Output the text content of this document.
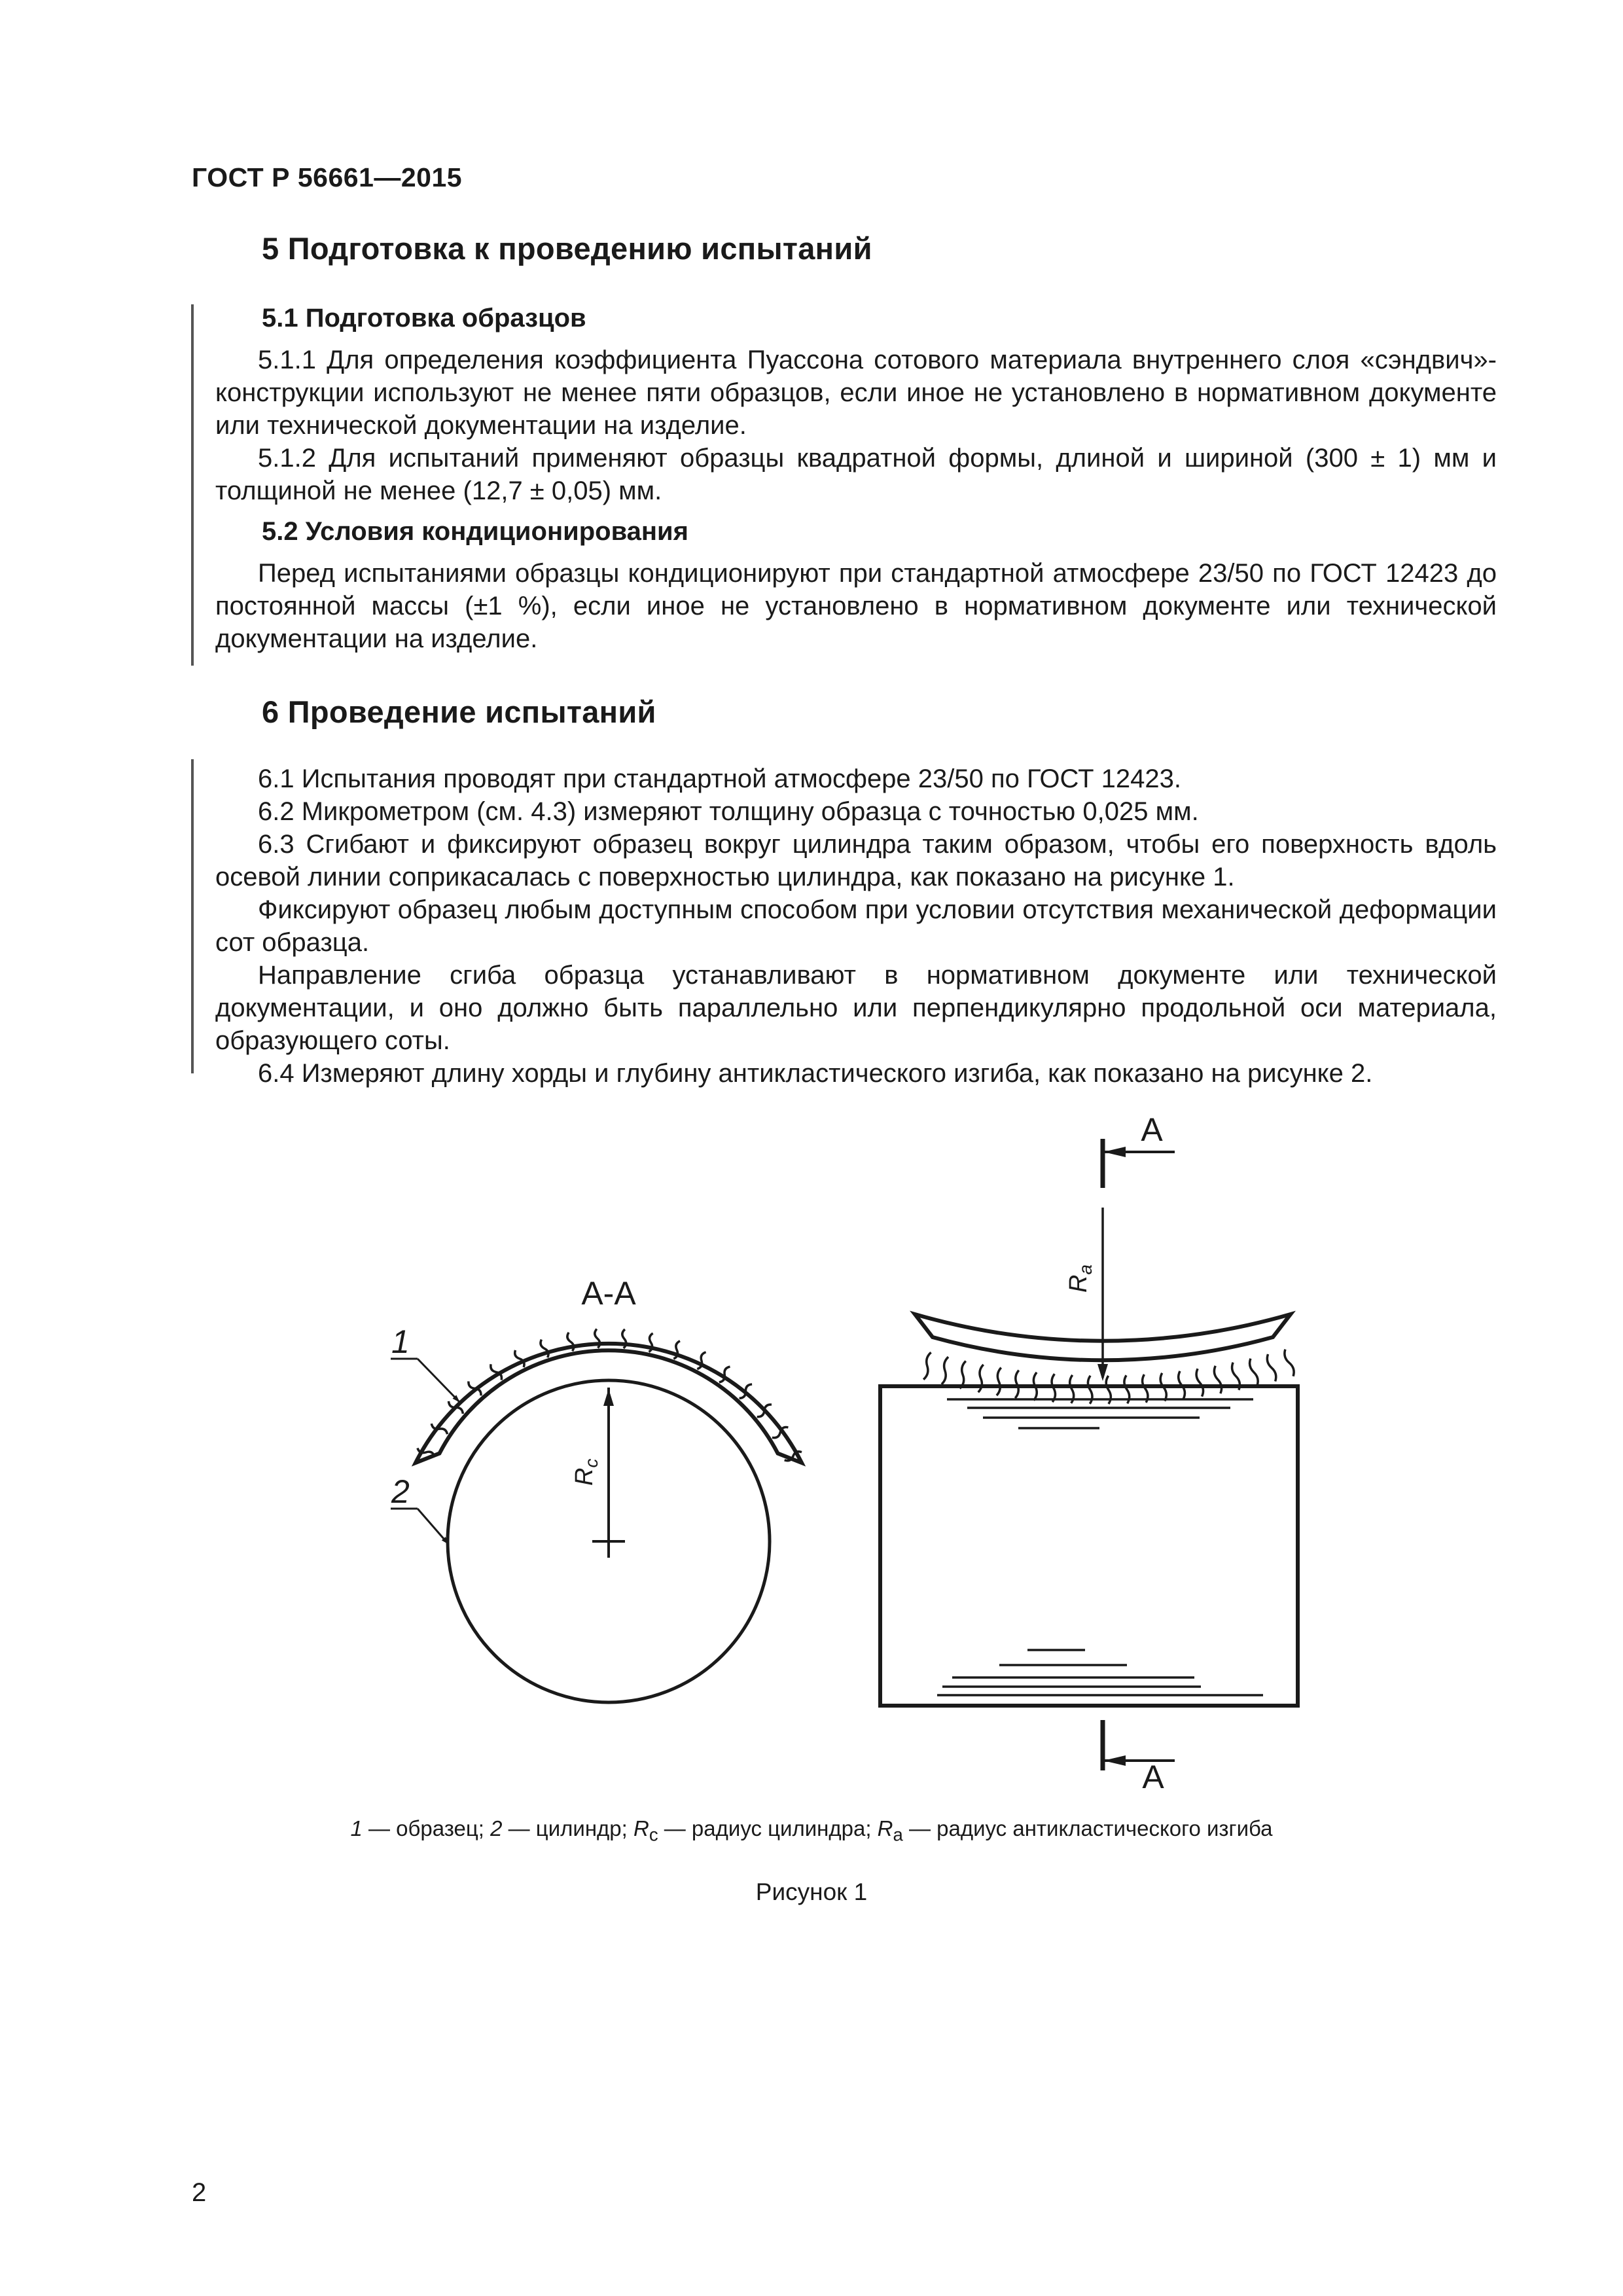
ГОСТ Р 56661—2015
5 Подготовка к проведению испытаний
5.1 Подготовка образцов

5.1.1 Для определения коэффициента Пуассона сотового материала внутреннего слоя «сэндвич»-конструкции используют не менее пяти образцов, если иное не установлено в нормативном документе или технической документации на изделие.

5.1.2 Для испытаний применяют образцы квадратной формы, длиной и шириной (300 ± 1) мм и толщиной не менее (12,7 ± 0,05) мм.

5.2 Условия кондиционирования

Перед испытаниями образцы кондиционируют при стандартной атмосфере 23/50 по ГОСТ 12423 до постоянной массы (±1 %), если иное не установлено в нормативном документе или технической документации на изделие.

6 Проведение испытаний

6.1 Испытания проводят при стандартной атмосфере 23/50 по ГОСТ 12423.

6.2 Микрометром (см. 4.3) измеряют толщину образца с точностью 0,025 мм.

6.3 Сгибают и фиксируют образец вокруг цилиндра таким образом, чтобы его поверхность вдоль осевой линии соприкасалась с поверхностью цилиндра, как показано на рисунке 1.

Фиксируют образец любым доступным способом при условии отсутствия механической деформации сот образца.

Направление сгиба образца устанавливают в нормативном документе или технической документации, и оно должно быть параллельно или перпендикулярно продольной оси материала, образующего соты.

6.4 Измеряют длину хорды и глубину антикластического изгиба, как показано на рисунке 2.

А-А
$R_c$
1
2
А
$R_a$
А
1 — образец; 2 — цилиндр; $R_с$ — радиус цилиндра; $R_a$ — радиус антикластического изгиба
Рисунок 1
2
